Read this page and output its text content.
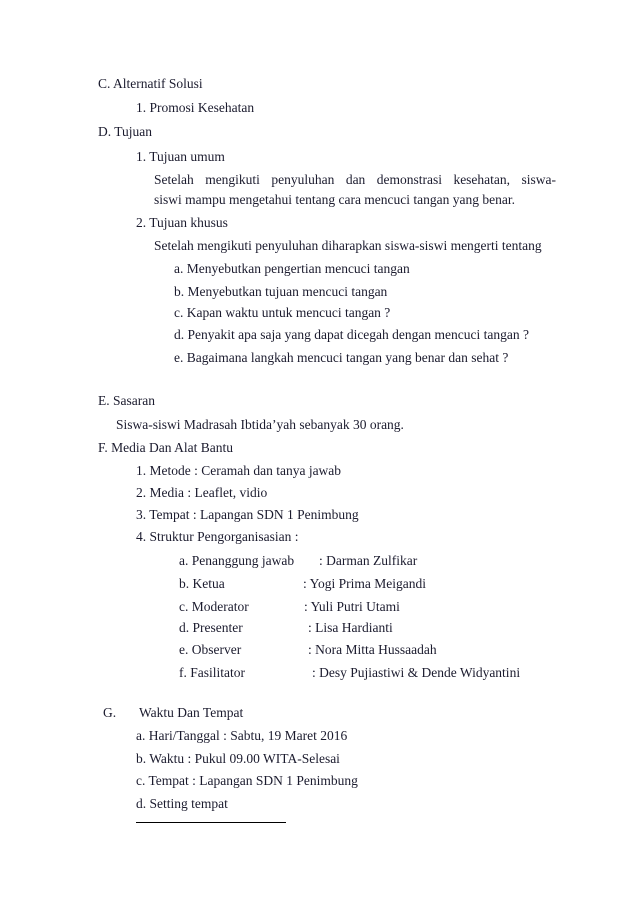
C. Alternatif Solusi
1. Promosi Kesehatan
D. Tujuan
1. Tujuan umum
Setelah mengikuti penyuluhan dan demonstrasi kesehatan, siswa-
siswi mampu mengetahui tentang cara mencuci tangan yang benar.
2. Tujuan khusus
Setelah mengikuti penyuluhan diharapkan siswa-siswi mengerti tentang
a. Menyebutkan pengertian mencuci tangan
b. Menyebutkan tujuan mencuci tangan
c. Kapan waktu untuk mencuci tangan ?
d. Penyakit apa saja yang dapat dicegah dengan mencuci tangan ?
e. Bagaimana langkah mencuci tangan yang benar dan sehat ?
E. Sasaran
Siswa-siswi Madrasah Ibtida’yah sebanyak 30 orang.
F. Media Dan Alat Bantu
1. Metode : Ceramah dan tanya jawab
2. Media : Leaflet, vidio
3. Tempat : Lapangan SDN 1 Penimbung
4. Struktur Pengorganisasian :
a. Penanggung jawab : Darman Zulfikar
b. Ketua	: Yogi Prima Meigandi
c. Moderator	: Yuli Putri Utami
d. Presenter	: Lisa Hardianti
e. Observer	: Nora Mitta Hussaadah
f. Fasilitator	: Desy Pujiastiwi & Dende Widyantini
G. Waktu Dan Tempat
a. Hari/Tanggal : Sabtu, 19 Maret 2016
b. Waktu : Pukul 09.00 WITA-Selesai
c. Tempat : Lapangan SDN 1 Penimbung
d. Setting tempat
